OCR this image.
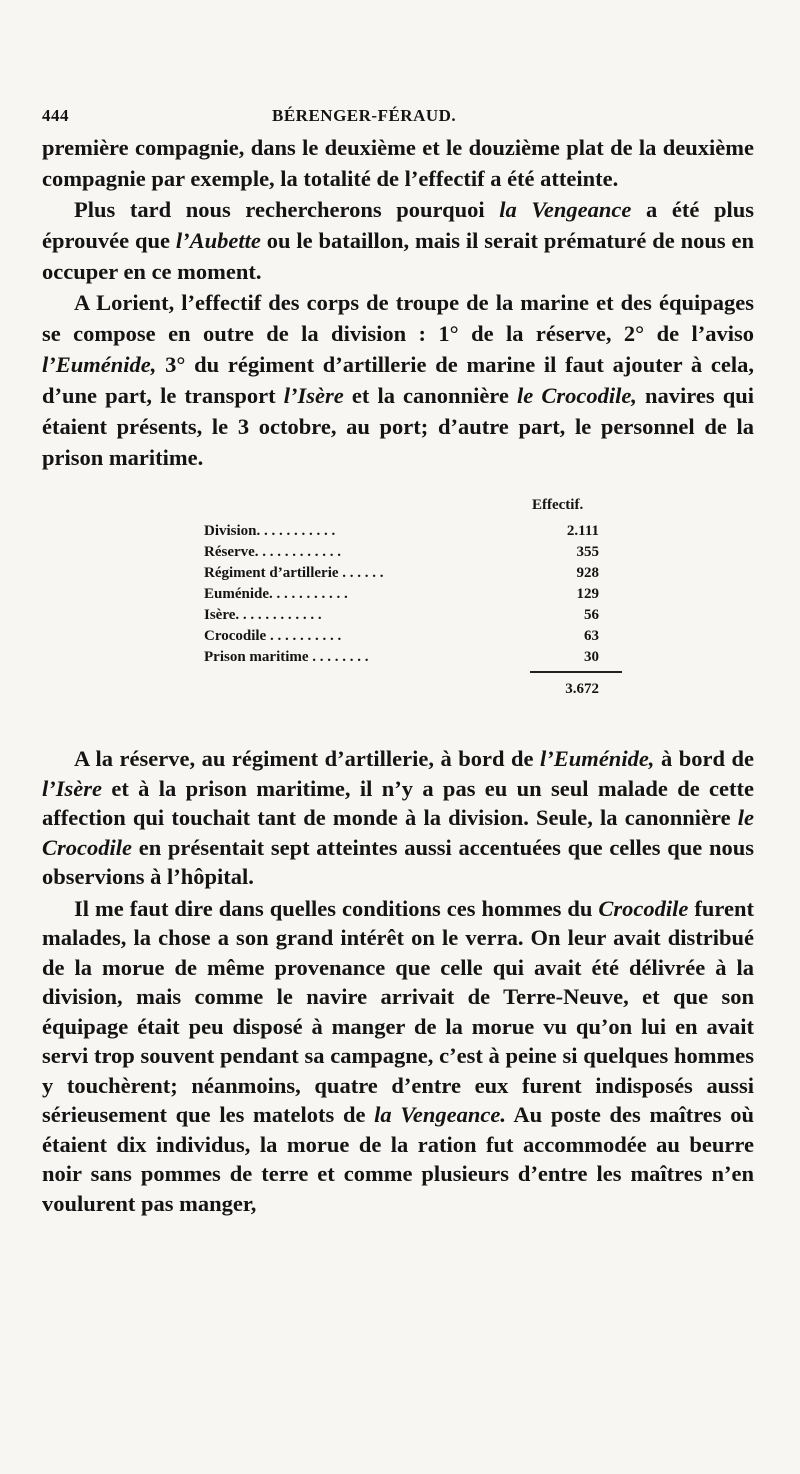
444	BÉRENGER-FÉRAUD.

première compagnie, dans le deuxième et le douzième plat de la deuxième compagnie par exemple, la totalité de l’effectif a été atteinte.

Plus tard nous rechercherons pourquoi la Vengeance a été plus éprouvée que l’Aubette ou le bataillon, mais il serait prématuré de nous en occuper en ce moment.

A Lorient, l’effectif des corps de troupe de la marine et des équipages se compose en outre de la division : 1° de la réserve, 2° de l’aviso l’Euménide, 3° du régiment d’artillerie de marine il faut ajouter à cela, d’une part, le transport l’Isère et la canonnière le Crocodile, navires qui étaient présents, le 3 octobre, au port; d’autre part, le personnel de la prison maritime.

Effectif.
Division. . . . . . . . . . .	2.111
Réserve. . . . . . . . . . . .	355
Régiment d’artillerie . . . . . .	928
Euménide. . . . . . . . . . .	129
Isère. . . . . . . . . . . .	56
Crocodile . . . . . . . . . .	63
Prison maritime . . . . . . . .	30
3.672

A la réserve, au régiment d’artillerie, à bord de l’Euménide, à bord de l’Isère et à la prison maritime, il n’y a pas eu un seul malade de cette affection qui touchait tant de monde à la division. Seule, la canonnière le Crocodile en présentait sept atteintes aussi accentuées que celles que nous observions à l’hôpital.

Il me faut dire dans quelles conditions ces hommes du Crocodile furent malades, la chose a son grand intérêt on le verra. On leur avait distribué de la morue de même provenance que celle qui avait été délivrée à la division, mais comme le navire arrivait de Terre-Neuve, et que son équipage était peu disposé à manger de la morue vu qu’on lui en avait servi trop souvent pendant sa campagne, c’est à peine si quelques hommes y touchèrent; néanmoins, quatre d’entre eux furent indisposés aussi sérieusement que les matelots de la Vengeance. Au poste des maîtres où étaient dix individus, la morue de la ration fut accommodée au beurre noir sans pommes de terre et comme plusieurs d’entre les maîtres n’en voulurent pas manger,
